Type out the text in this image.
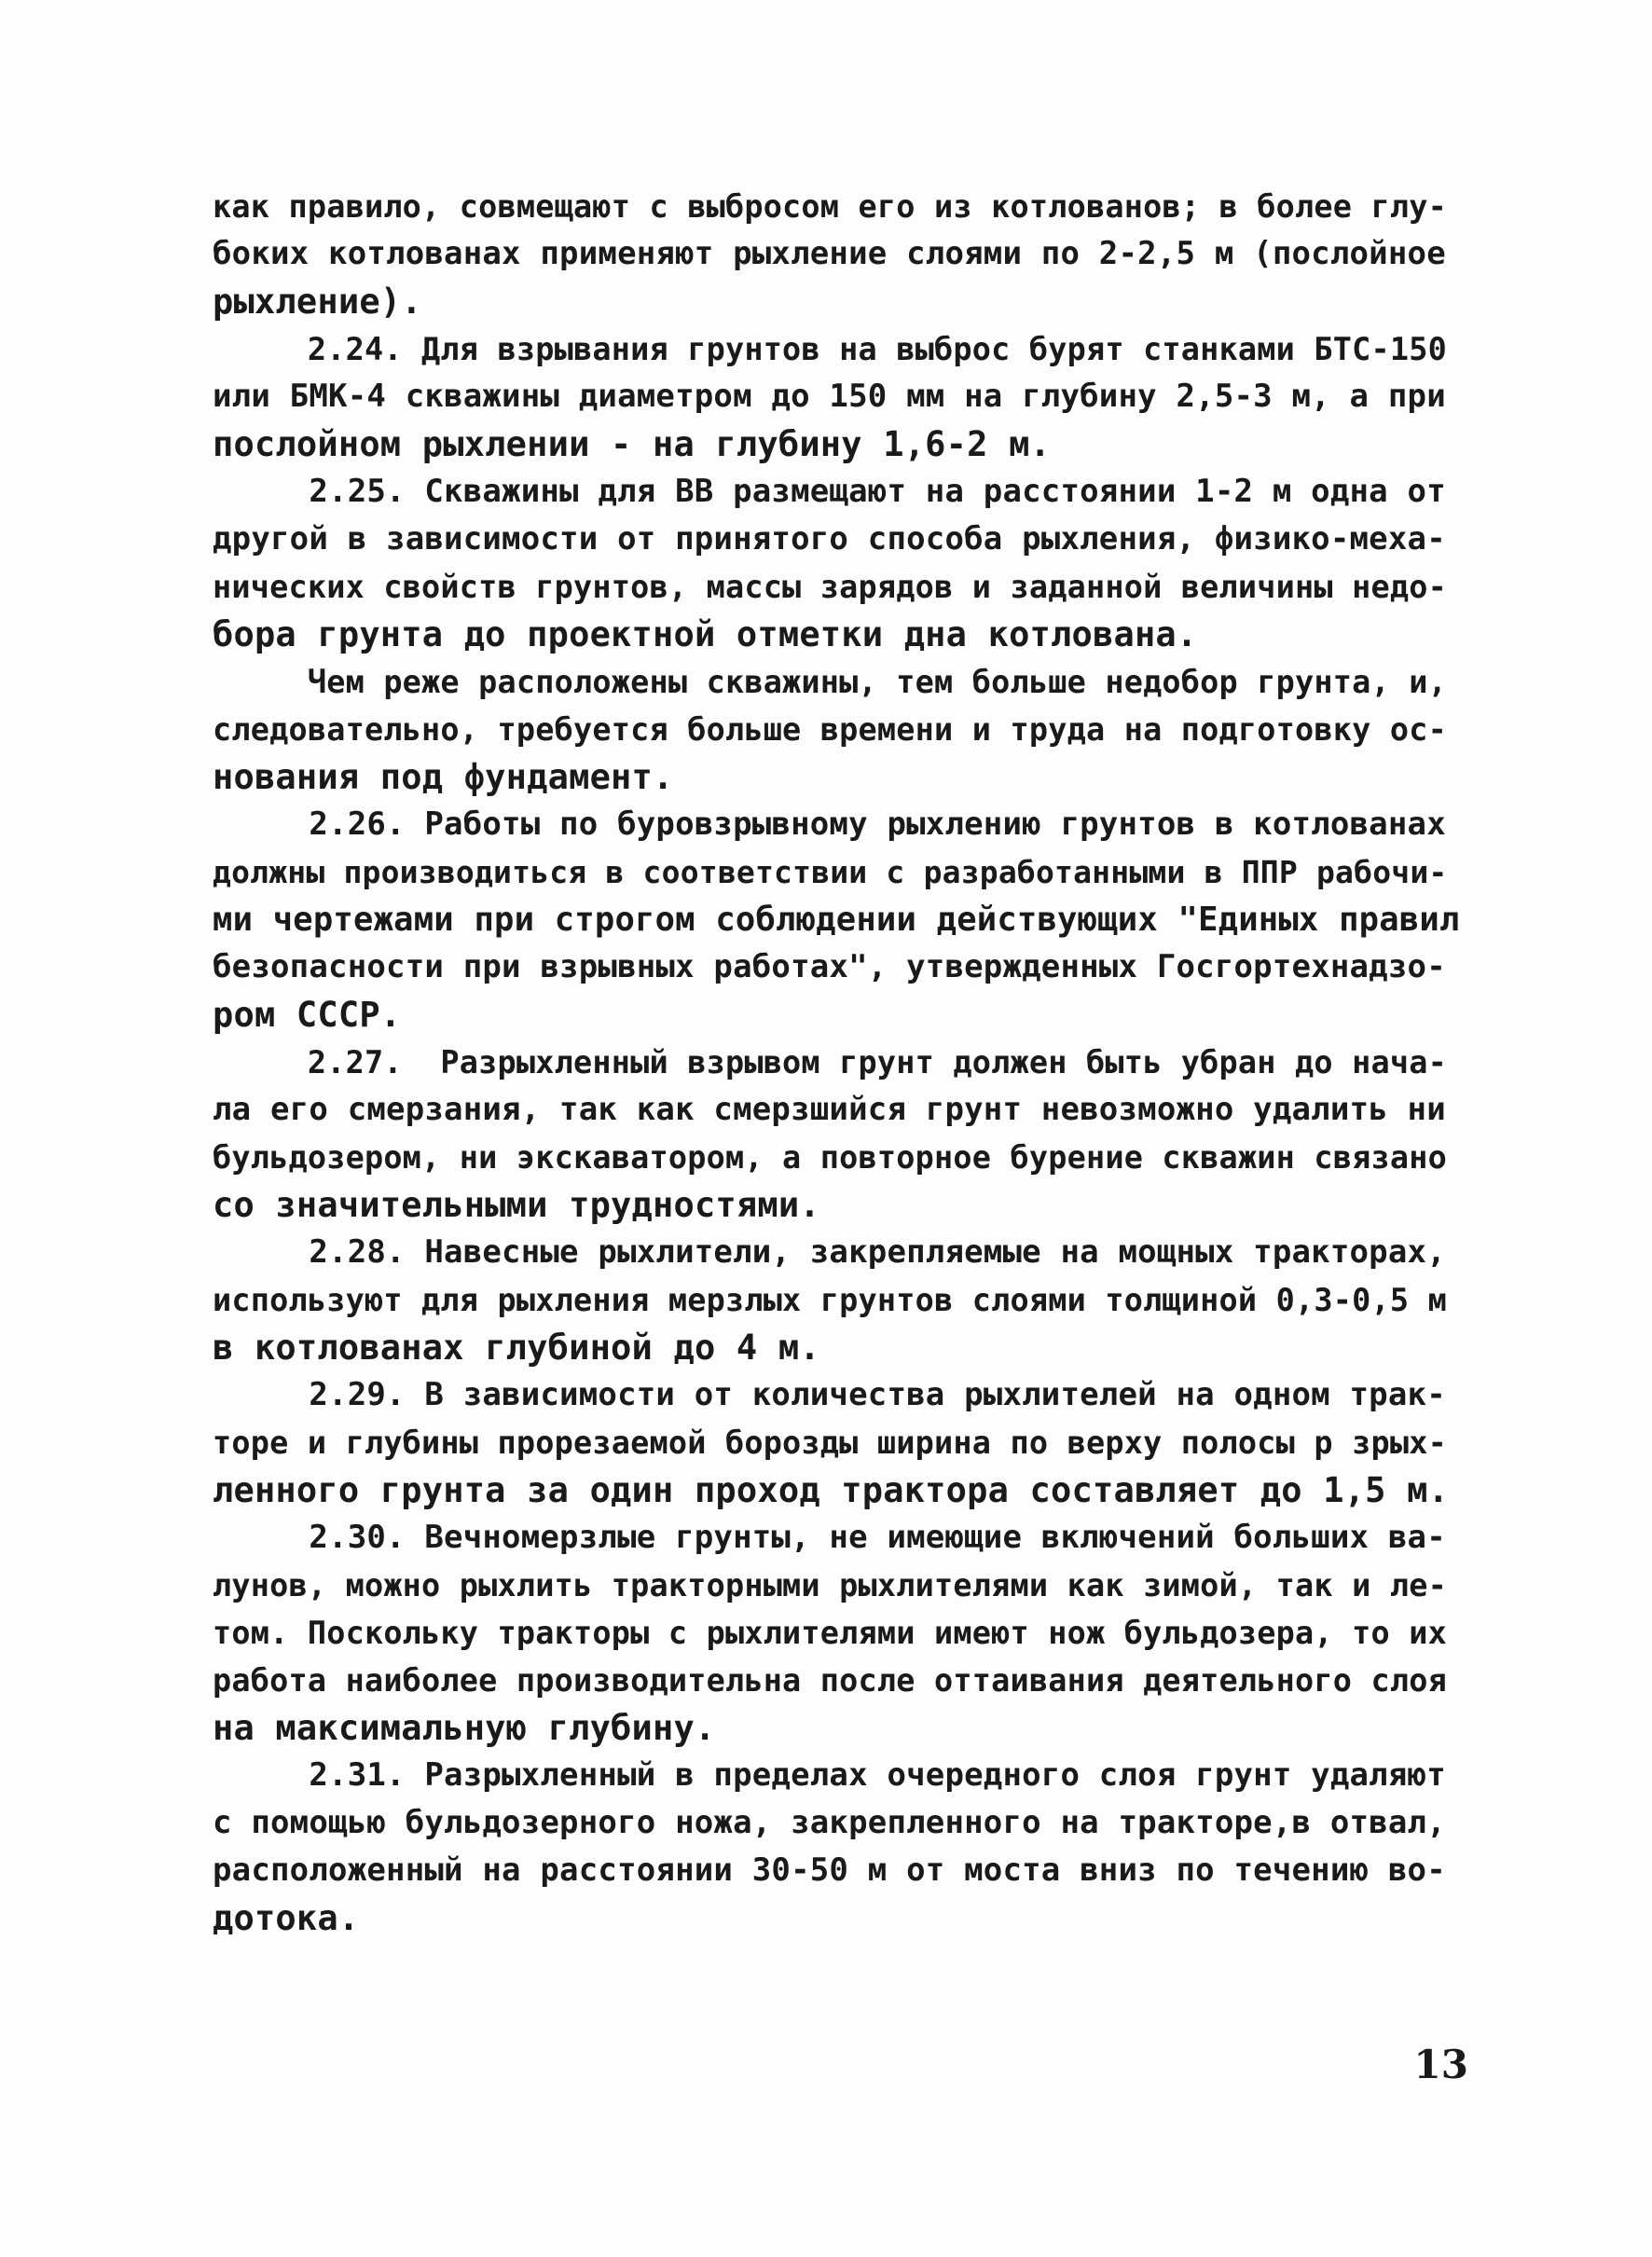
как правило, совмещают с выбросом его из котлованов; в более глу-
боких котлованах применяют рыхление слоями по 2-2,5 м (послойное
рыхление).
2.24. Для взрывания грунтов на выброс бурят станками БТС-150
или БМК-4 скважины диаметром до 150 мм на глубину 2,5-3 м, а при
послойном рыхлении - на глубину 1,6-2 м.
2.25. Скважины для ВВ размещают на расстоянии 1-2 м одна от
другой в зависимости от принятого способа рыхления, физико-меха-
нических свойств грунтов, массы зарядов и заданной величины недо-
бора грунта до проектной отметки дна котлована.
Чем реже расположены скважины, тем больше недобор грунта, и,
следовательно, требуется больше времени и труда на подготовку ос-
нования под фундамент.
2.26. Работы по буровзрывному рыхлению грунтов в котлованах
должны производиться в соответствии с разработанными в ППР рабочи-
ми чертежами при строгом соблюдении действующих "Единых правил
безопасности при взрывных работах", утвержденных Госгортехнадзо-
ром СССР.
2.27.  Разрыхленный взрывом грунт должен быть убран до нача-
ла его смерзания, так как смерзшийся грунт невозможно удалить ни
бульдозером, ни экскаватором, а повторное бурение скважин связано
со значительными трудностями.
2.28. Навесные рыхлители, закрепляемые на мощных тракторах,
используют для рыхления мерзлых грунтов слоями толщиной 0,3-0,5 м
в котлованах глубиной до 4 м.
2.29. В зависимости от количества рыхлителей на одном трак-
торе и глубины прорезаемой борозды ширина по верху полосы р зрых-
ленного грунта за один проход трактора составляет до 1,5 м.
2.30. Вечномерзлые грунты, не имеющие включений больших ва-
лунов, можно рыхлить тракторными рыхлителями как зимой, так и ле-
том. Поскольку тракторы с рыхлителями имеют нож бульдозера, то их
работа наиболее производительна после оттаивания деятельного слоя
на максимальную глубину.
2.31. Разрыхленный в пределах очередного слоя грунт удаляют
с помощью бульдозерного ножа, закрепленного на тракторе,в отвал,
расположенный на расстоянии 30-50 м от моста вниз по течению во-
дотока.
13
